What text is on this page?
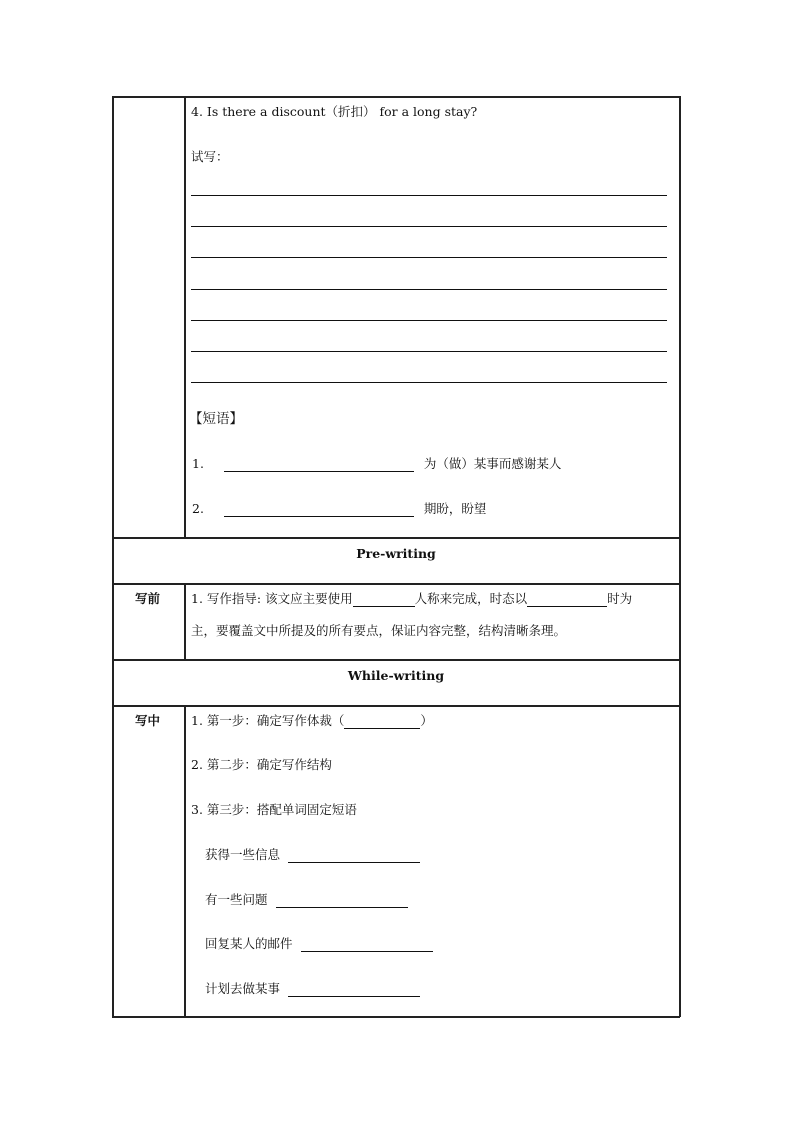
4. Is there a discount（折扣） for a long stay?
试写：
【短语】
1.	为（做）某事而感谢某人
2.	期盼，盼望
Pre-writing
写前 1. 写作指导: 该文应主要使用	人称来完成，时态以	时为
主，要覆盖文中所提及的所有要点，保证内容完整，结构清晰条理。
While-writing
写中 1. 第一步：确定写作体裁（	）
2. 第二步：确定写作结构
3. 第三步：搭配单词固定短语
获得一些信息
有一些问题
回复某人的邮件
计划去做某事
